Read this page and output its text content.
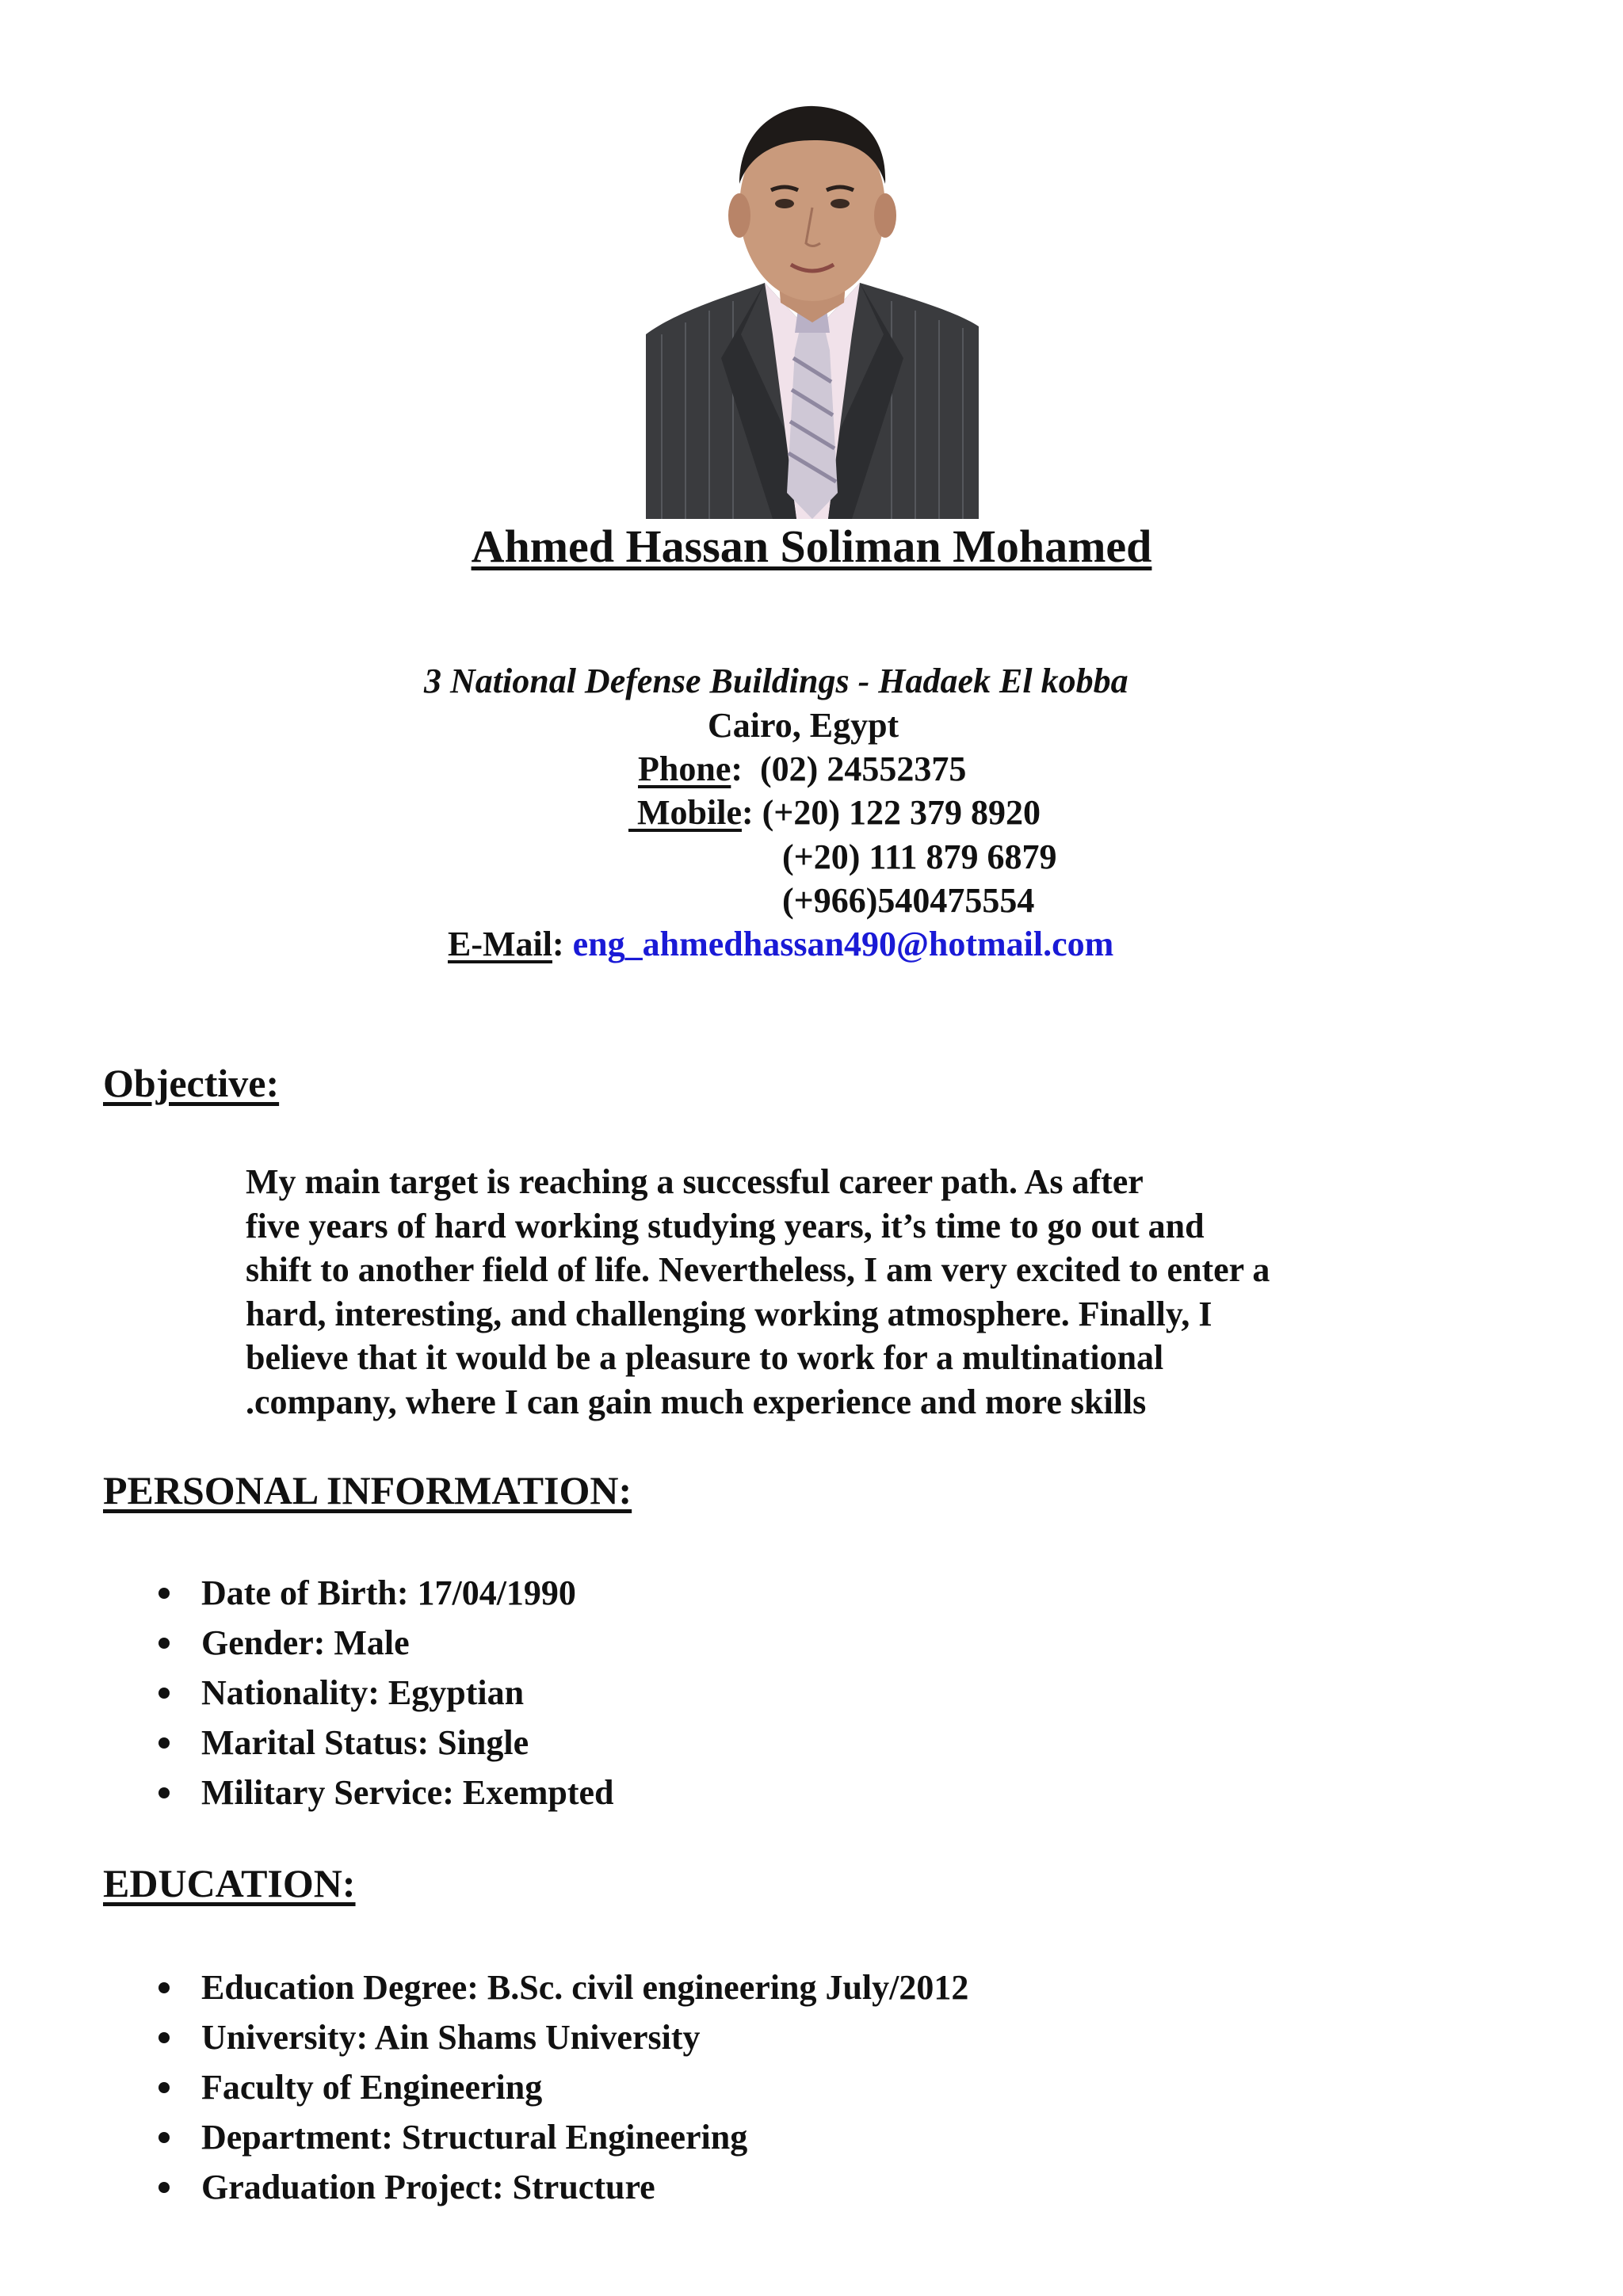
Ahmed Hassan Soliman Mohamed
3 National Defense Buildings - Hadaek El kobba
Cairo, Egypt
Phone:  (02) 24552375
Mobile: (+20) 122 379 8920
(+20) 111 879 6879
(+966)540475554
E-Mail: eng_ahmedhassan490@hotmail.com
Objective:
My main target is reaching a successful career path. As after
five years of hard working studying years, it’s time to go out and
shift to another field of life. Nevertheless, I am very excited to enter a
hard, interesting, and challenging working atmosphere. Finally, I
believe that it would be a pleasure to work for a multinational
.company, where I can gain much experience and more skills
PERSONAL INFORMATION:
Date of Birth: 17/04/1990
Gender: Male
Nationality: Egyptian
Marital Status: Single
Military Service: Exempted
EDUCATION:
Education Degree: B.Sc. civil engineering July/2012
University: Ain Shams University
Faculty of Engineering
Department: Structural Engineering
Graduation Project: Structure
